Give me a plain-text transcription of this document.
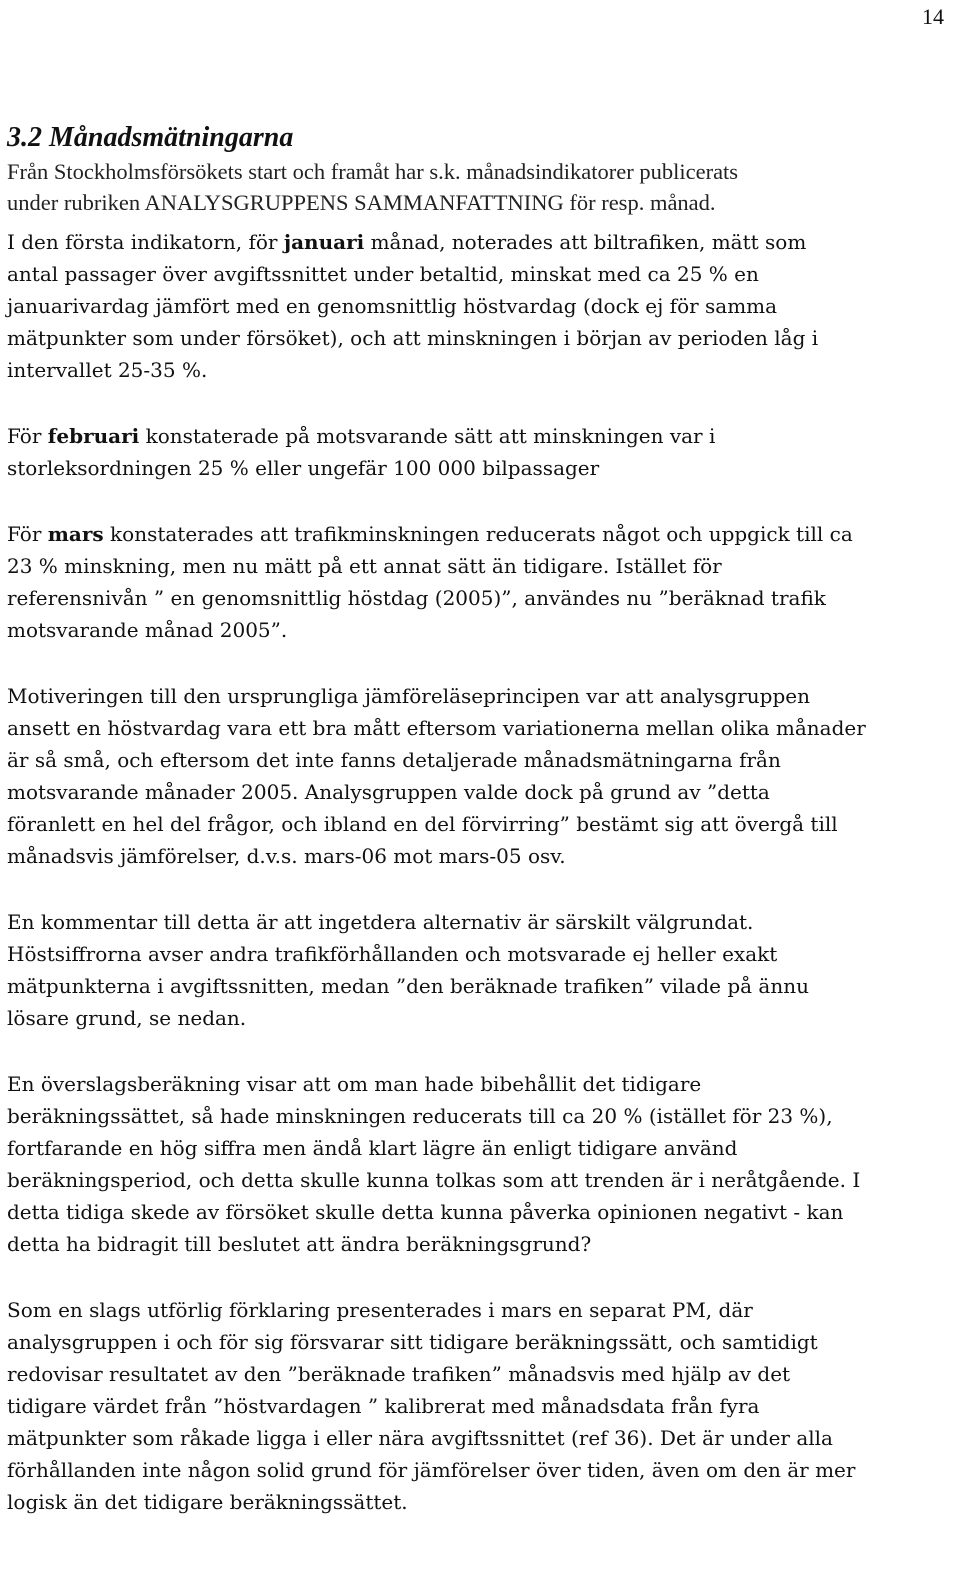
14
3.2 Månadsmätningarna
Från Stockholmsförsökets start och framåt har s.k. månadsindikatorer publicerats
under rubriken ANALYSGRUPPENS SAMMANFATTNING för resp. månad.
I den första indikatorn, för januari månad, noterades att biltrafiken, mätt som
antal passager över avgiftssnittet under betaltid, minskat med ca 25 % en
januarivardag jämfört med en genomsnittlig höstvardag (dock ej för samma
mätpunkter som under försöket), och att minskningen i början av perioden låg i
intervallet 25-35 %.
För februari konstaterade på motsvarande sätt att minskningen var i
storleksordningen 25 % eller ungefär 100 000 bilpassager
För mars konstaterades att trafikminskningen reducerats något och uppgick till ca
23 % minskning, men nu mätt på ett annat sätt än tidigare. Istället för
referensnivån ” en genomsnittlig höstdag (2005)”, användes nu ”beräknad trafik
motsvarande månad 2005”.
Motiveringen till den ursprungliga jämföreläseprincipen var att analysgruppen
ansett en höstvardag vara ett bra mått eftersom variationerna mellan olika månader
är så små, och eftersom det inte fanns detaljerade månadsmätningarna från
motsvarande månader 2005. Analysgruppen valde dock på grund av ”detta
föranlett en hel del frågor, och ibland en del förvirring” bestämt sig att övergå till
månadsvis jämförelser, d.v.s. mars-06 mot mars-05 osv.
En kommentar till detta är att ingetdera alternativ är särskilt välgrundat.
Höstsiffrorna avser andra trafikförhållanden och motsvarade ej heller exakt
mätpunkterna i avgiftssnitten, medan ”den beräknade trafiken” vilade på ännu
lösare grund, se nedan.
En överslagsberäkning visar att om man hade bibehållit det tidigare
beräkningssättet, så hade minskningen reducerats till ca 20 % (istället för 23 %),
fortfarande en hög siffra men ändå klart lägre än enligt tidigare använd
beräkningsperiod, och detta skulle kunna tolkas som att trenden är i neråtgående. I
detta tidiga skede av försöket skulle detta kunna påverka opinionen negativt - kan
detta ha bidragit till beslutet att ändra beräkningsgrund?
Som en slags utförlig förklaring presenterades i mars en separat PM, där
analysgruppen i och för sig försvarar sitt tidigare beräkningssätt, och samtidigt
redovisar resultatet av den ”beräknade trafiken” månadsvis med hjälp av det
tidigare värdet från ”höstvardagen ” kalibrerat med månadsdata från fyra
mätpunkter som råkade ligga i eller nära avgiftssnittet (ref 36). Det är under alla
förhållanden inte någon solid grund för jämförelser över tiden, även om den är mer
logisk än det tidigare beräkningssättet.
